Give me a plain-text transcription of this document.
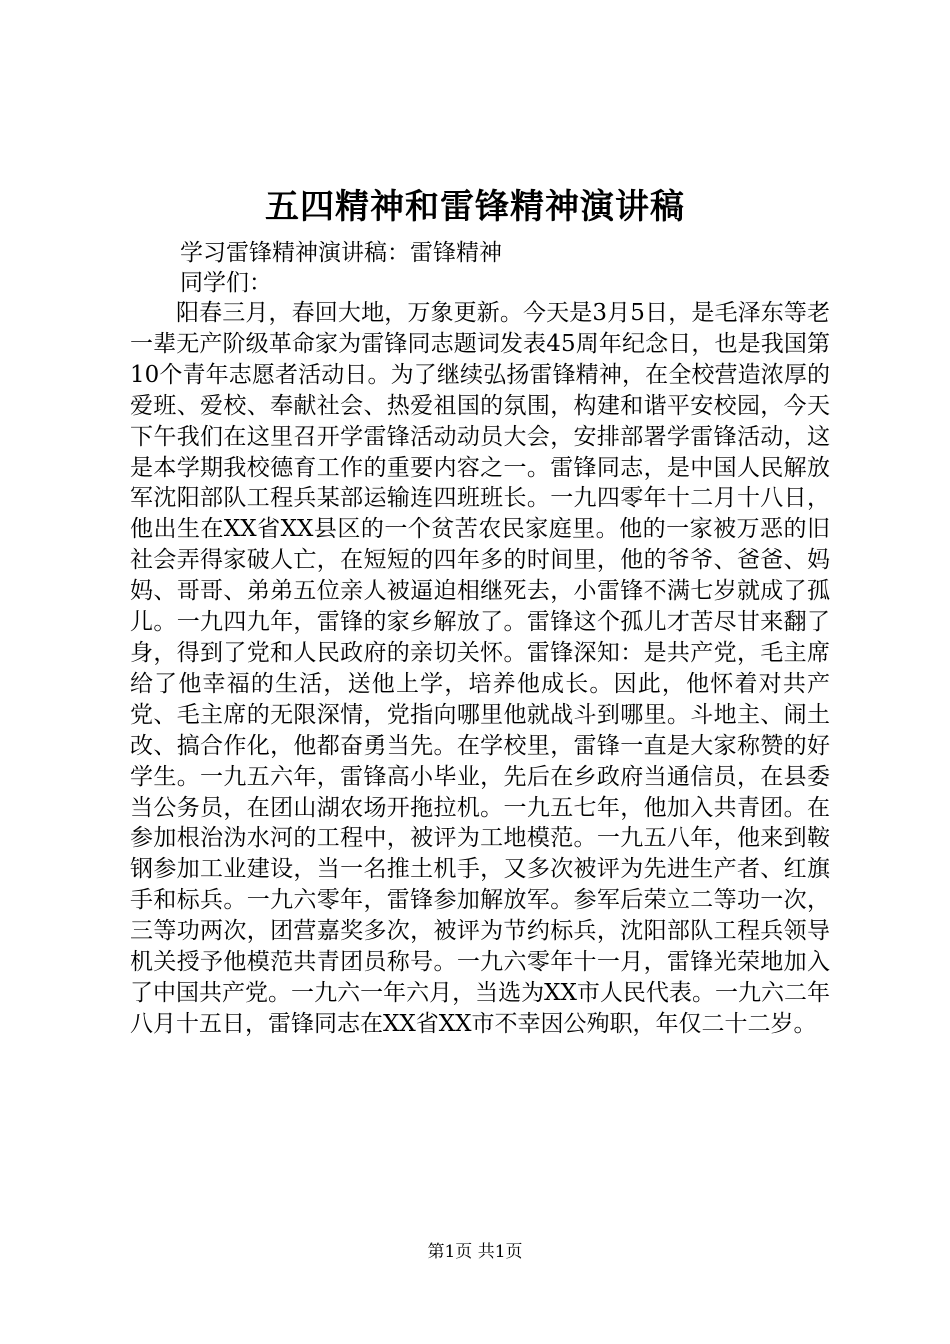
五四精神和雷锋精神演讲稿
学习雷锋精神演讲稿：雷锋精神
同学们：

阳春三月，春回大地，万象更新。今天是3月5日，是毛泽东等老一辈无产阶级革命家为雷锋同志题词发表45周年纪念日，也是我国第10个青年志愿者活动日。为了继续弘扬雷锋精神，在全校营造浓厚的爱班、爱校、奉献社会、热爱祖国的氛围，构建和谐平安校园，今天下午我们在这里召开学雷锋活动动员大会，安排部署学雷锋活动，这是本学期我校德育工作的重要内容之一。雷锋同志，是中国人民解放军沈阳部队工程兵某部运输连四班班长。一九四零年十二月十八日，他出生在XX省XX县区的一个贫苦农民家庭里。他的一家被万恶的旧社会弄得家破人亡，在短短的四年多的时间里，他的爷爷、爸爸、妈妈、哥哥、弟弟五位亲人被逼迫相继死去，小雷锋不满七岁就成了孤儿。一九四九年，雷锋的家乡解放了。雷锋这个孤儿才苦尽甘来翻了身，得到了党和人民政府的亲切关怀。雷锋深知：是共产党，毛主席给了他幸福的生活，送他上学，培养他成长。因此，他怀着对共产党、毛主席的无限深情，党指向哪里他就战斗到哪里。斗地主、闹土改、搞合作化，他都奋勇当先。在学校里，雷锋一直是大家称赞的好学生。一九五六年，雷锋高小毕业，先后在乡政府当通信员，在县委当公务员，在团山湖农场开拖拉机。一九五七年，他加入共青团。在参加根治沩水河的工程中，被评为工地模范。一九五八年，他来到鞍钢参加工业建设，当一名推土机手，又多次被评为先进生产者、红旗手和标兵。一九六零年，雷锋参加解放军。参军后荣立二等功一次，三等功两次，团营嘉奖多次，被评为节约标兵，沈阳部队工程兵领导机关授予他模范共青团员称号。一九六零年十一月，雷锋光荣地加入了中国共产党。一九六一年六月，当选为XX市人民代表。一九六二年八月十五日，雷锋同志在XX省XX市不幸因公殉职，年仅二十二岁。

第1页 共1页
